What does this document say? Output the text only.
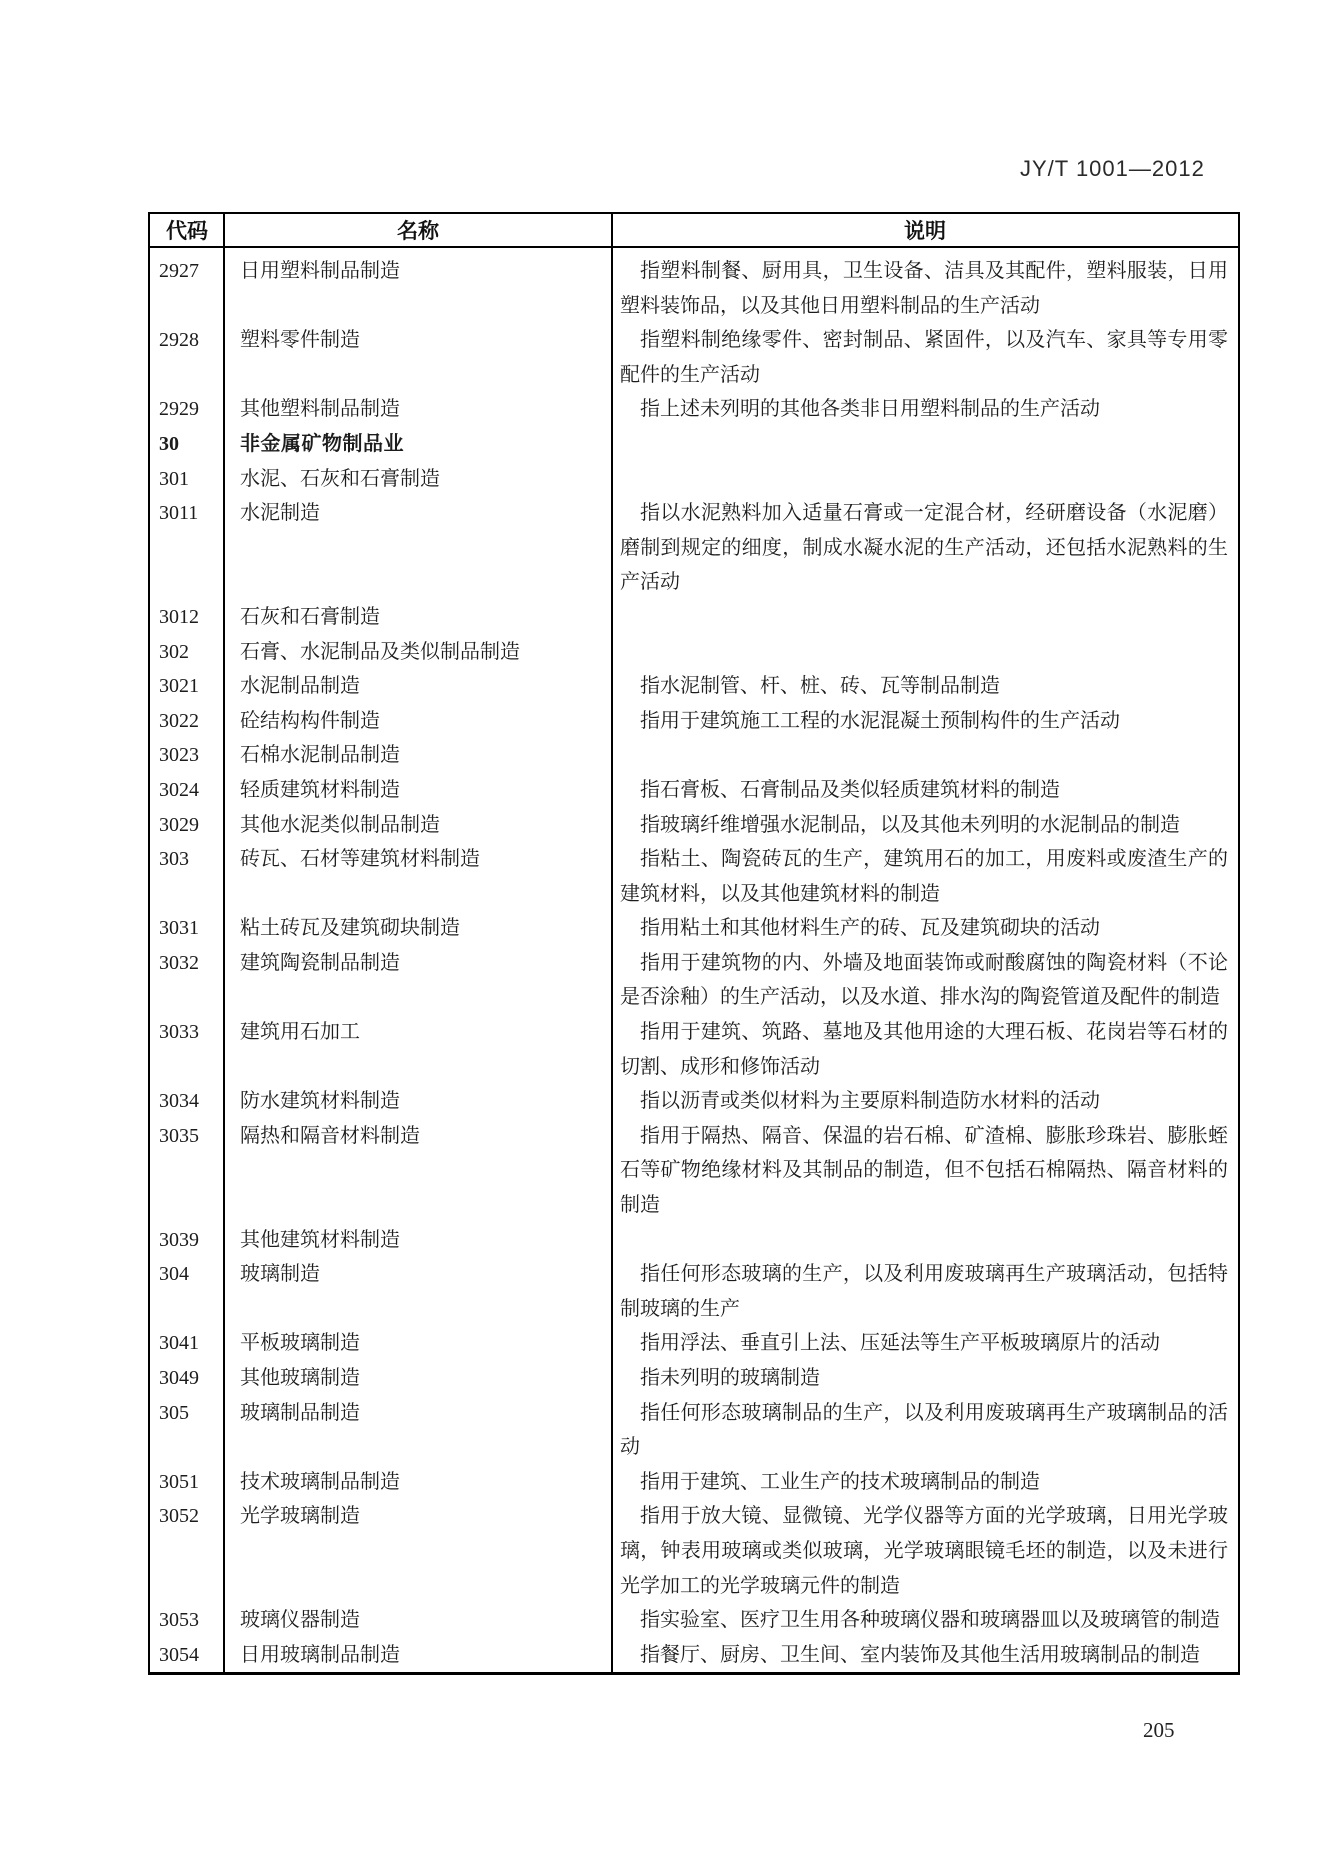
JY/T 1001—2012
代码	名称	说明
2927	日用塑料制品制造	指塑料制餐、厨用具，卫生设备、洁具及其配件，塑料服装，日用塑料装饰品，以及其他日用塑料制品的生产活动
2928	塑料零件制造	指塑料制绝缘零件、密封制品、紧固件，以及汽车、家具等专用零配件的生产活动
2929	其他塑料制品制造	指上述未列明的其他各类非日用塑料制品的生产活动
30	非金属矿物制品业
301	水泥、石灰和石膏制造
3011	水泥制造	指以水泥熟料加入适量石膏或一定混合材，经研磨设备（水泥磨）磨制到规定的细度，制成水凝水泥的生产活动，还包括水泥熟料的生产活动
3012	石灰和石膏制造
302	石膏、水泥制品及类似制品制造
3021	水泥制品制造	指水泥制管、杆、桩、砖、瓦等制品制造
3022	砼结构构件制造	指用于建筑施工工程的水泥混凝土预制构件的生产活动
3023	石棉水泥制品制造
3024	轻质建筑材料制造	指石膏板、石膏制品及类似轻质建筑材料的制造
3029	其他水泥类似制品制造	指玻璃纤维增强水泥制品，以及其他未列明的水泥制品的制造
303	砖瓦、石材等建筑材料制造	指粘土、陶瓷砖瓦的生产，建筑用石的加工，用废料或废渣生产的建筑材料，以及其他建筑材料的制造
3031	粘土砖瓦及建筑砌块制造	指用粘土和其他材料生产的砖、瓦及建筑砌块的活动
3032	建筑陶瓷制品制造	指用于建筑物的内、外墙及地面装饰或耐酸腐蚀的陶瓷材料（不论是否涂釉）的生产活动，以及水道、排水沟的陶瓷管道及配件的制造
3033	建筑用石加工	指用于建筑、筑路、墓地及其他用途的大理石板、花岗岩等石材的切割、成形和修饰活动
3034	防水建筑材料制造	指以沥青或类似材料为主要原料制造防水材料的活动
3035	隔热和隔音材料制造	指用于隔热、隔音、保温的岩石棉、矿渣棉、膨胀珍珠岩、膨胀蛭石等矿物绝缘材料及其制品的制造，但不包括石棉隔热、隔音材料的制造
3039	其他建筑材料制造
304	玻璃制造	指任何形态玻璃的生产，以及利用废玻璃再生产玻璃活动，包括特制玻璃的生产
3041	平板玻璃制造	指用浮法、垂直引上法、压延法等生产平板玻璃原片的活动
3049	其他玻璃制造	指未列明的玻璃制造
305	玻璃制品制造	指任何形态玻璃制品的生产，以及利用废玻璃再生产玻璃制品的活动
3051	技术玻璃制品制造	指用于建筑、工业生产的技术玻璃制品的制造
3052	光学玻璃制造	指用于放大镜、显微镜、光学仪器等方面的光学玻璃，日用光学玻璃，钟表用玻璃或类似玻璃，光学玻璃眼镜毛坯的制造，以及未进行光学加工的光学玻璃元件的制造
3053	玻璃仪器制造	指实验室、医疗卫生用各种玻璃仪器和玻璃器皿以及玻璃管的制造
3054	日用玻璃制品制造	指餐厅、厨房、卫生间、室内装饰及其他生活用玻璃制品的制造
205
